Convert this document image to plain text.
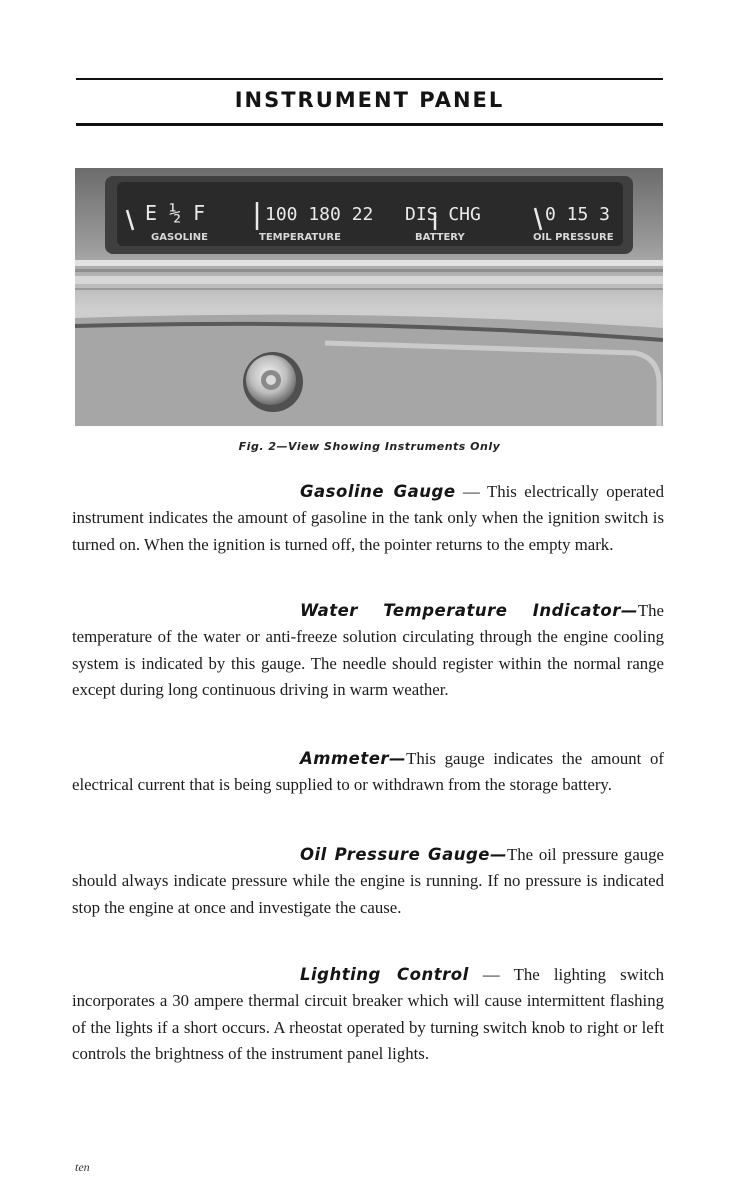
INSTRUMENT PANEL
E ½ F
GASOLINE
100 180 22
TEMPERATURE
DIS CHG
BATTERY
0 15 3
OIL PRESSURE
Fig. 2—View Showing Instruments Only

Gasoline Gauge — This electrically operated instrument indicates the amount of gasoline in the tank only when the ignition switch is turned on. When the ignition is turned off, the pointer returns to the empty mark.

Water Temperature Indicator—The temperature of the water or anti-freeze solution circulating through the engine cooling system is indicated by this gauge. The needle should register within the normal range except during long continuous driving in warm weather.

Ammeter—This gauge indicates the amount of electrical current that is being supplied to or withdrawn from the storage battery.

Oil Pressure Gauge—The oil pressure gauge should always indicate pressure while the engine is running. If no pressure is indicated stop the engine at once and investigate the cause.

Lighting Control — The lighting switch incorporates a 30 ampere thermal circuit breaker which will cause intermittent flashing of the lights if a short occurs. A rheostat operated by turning switch knob to right or left controls the brightness of the instrument panel lights.

ten
